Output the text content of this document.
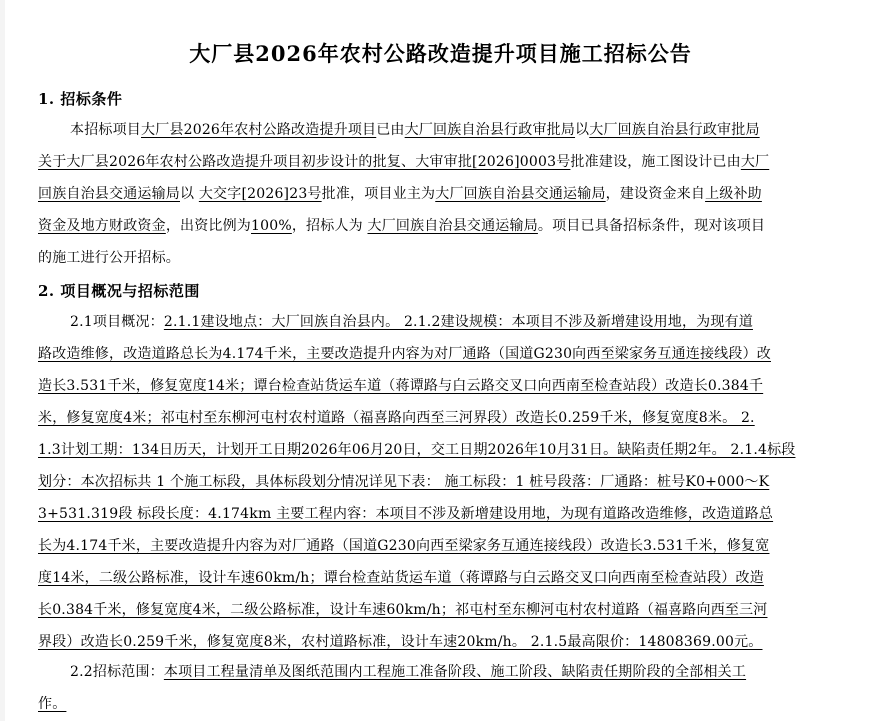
大厂县2026年农村公路改造提升项目施工招标公告
1. 招标条件
本招标项目大厂县2026年农村公路改造提升项目已由大厂回族自治县行政审批局以大厂回族自治县行政审批局
关于大厂县2026年农村公路改造提升项目初步设计的批复、大审审批[2026]0003号批准建设，施工图设计已由大厂
回族自治县交通运输局以 大交字[2026]23号批准，项目业主为大厂回族自治县交通运输局，建设资金来自上级补助
资金及地方财政资金，出资比例为100%，招标人为 大厂回族自治县交通运输局。项目已具备招标条件，现对该项目
的施工进行公开招标。
2. 项目概况与招标范围
2.1项目概况：2.1.1建设地点：大厂回族自治县内。 2.1.2建设规模：本项目不涉及新增建设用地，为现有道
路改造维修，改造道路总长为4.174千米，主要改造提升内容为对厂通路（国道G230向西至梁家务互通连接线段）改
造长3.531千米，修复宽度14米；谭台检查站货运车道（蒋谭路与白云路交叉口向西南至检查站段）改造长0.384千
米，修复宽度4米；祁屯村至东柳河屯村农村道路（福喜路向西至三河界段）改造长0.259千米，修复宽度8米。 2.
1.3计划工期：134日历天，计划开工日期2026年06月20日，交工日期2026年10月31日。缺陷责任期2年。 2.1.4标段
划分：本次招标共 1 个施工标段，具体标段划分情况详见下表： 施工标段：1 桩号段落：厂通路：桩号K0+000～K
3+531.319段 标段长度：4.174km 主要工程内容：本项目不涉及新增建设用地，为现有道路改造维修，改造道路总
长为4.174千米，主要改造提升内容为对厂通路（国道G230向西至梁家务互通连接线段）改造长3.531千米，修复宽
度14米，二级公路标准，设计车速60km/h；谭台检查站货运车道（蒋谭路与白云路交叉口向西南至检查站段）改造
长0.384千米，修复宽度4米，二级公路标准，设计车速60km/h；祁屯村至东柳河屯村农村道路（福喜路向西至三河
界段）改造长0.259千米，修复宽度8米，农村道路标准，设计车速20km/h。 2.1.5最高限价：14808369.00元。
2.2招标范围：本项目工程量清单及图纸范围内工程施工准备阶段、施工阶段、缺陷责任期阶段的全部相关工
作。
